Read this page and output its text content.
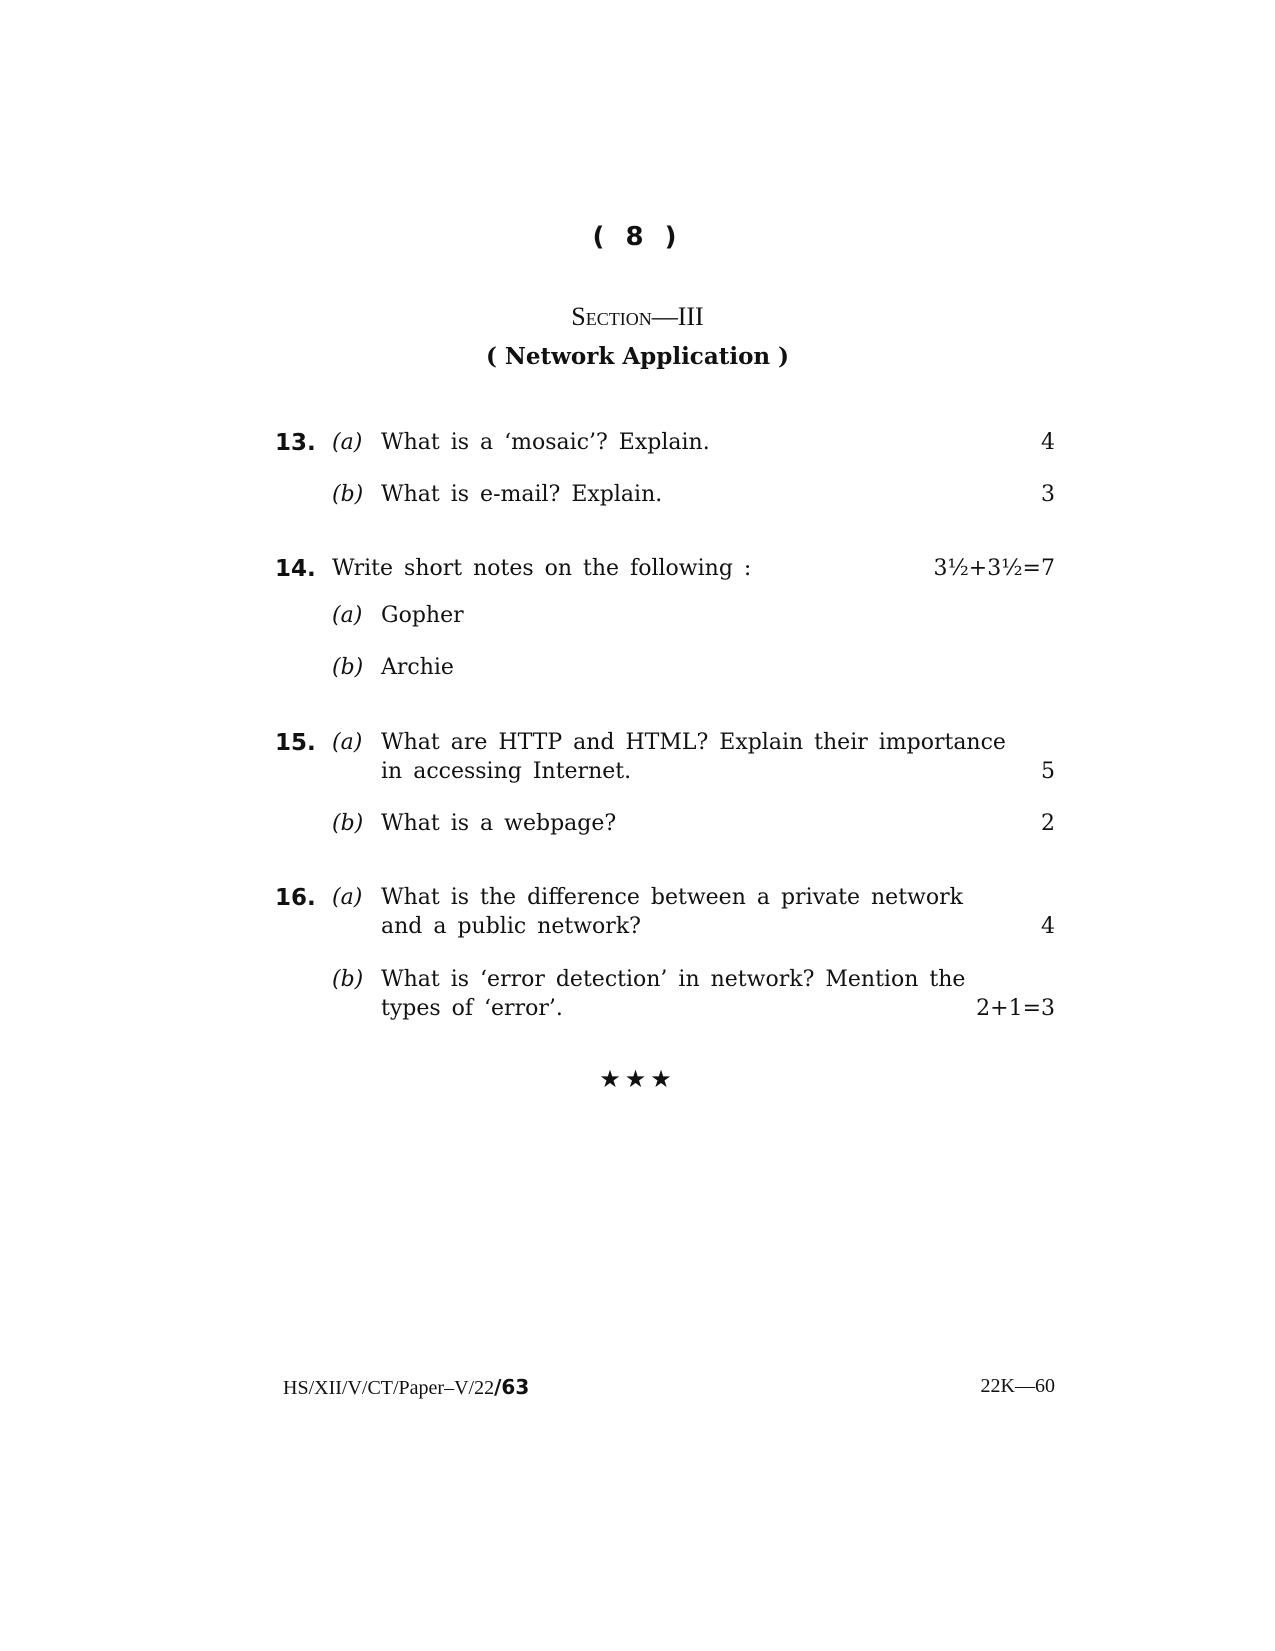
( 8 )
Section—III
( Network Application )
13. (a) What is a ‘mosaic’? Explain.	4
(b) What is e-mail? Explain.	3
14. Write short notes on the following :	3½+3½=7
(a) Gopher
(b) Archie
15. (a) What are HTTP and HTML? Explain their importance
in accessing Internet.	5
(b) What is a webpage?	2
16. (a) What is the difference between a private network
and a public network?	4
(b) What is ‘error detection’ in network? Mention the
types of ‘error’.	2+1=3
★★★
HS/XII/V/CT/Paper–V/22/63	22K—60
